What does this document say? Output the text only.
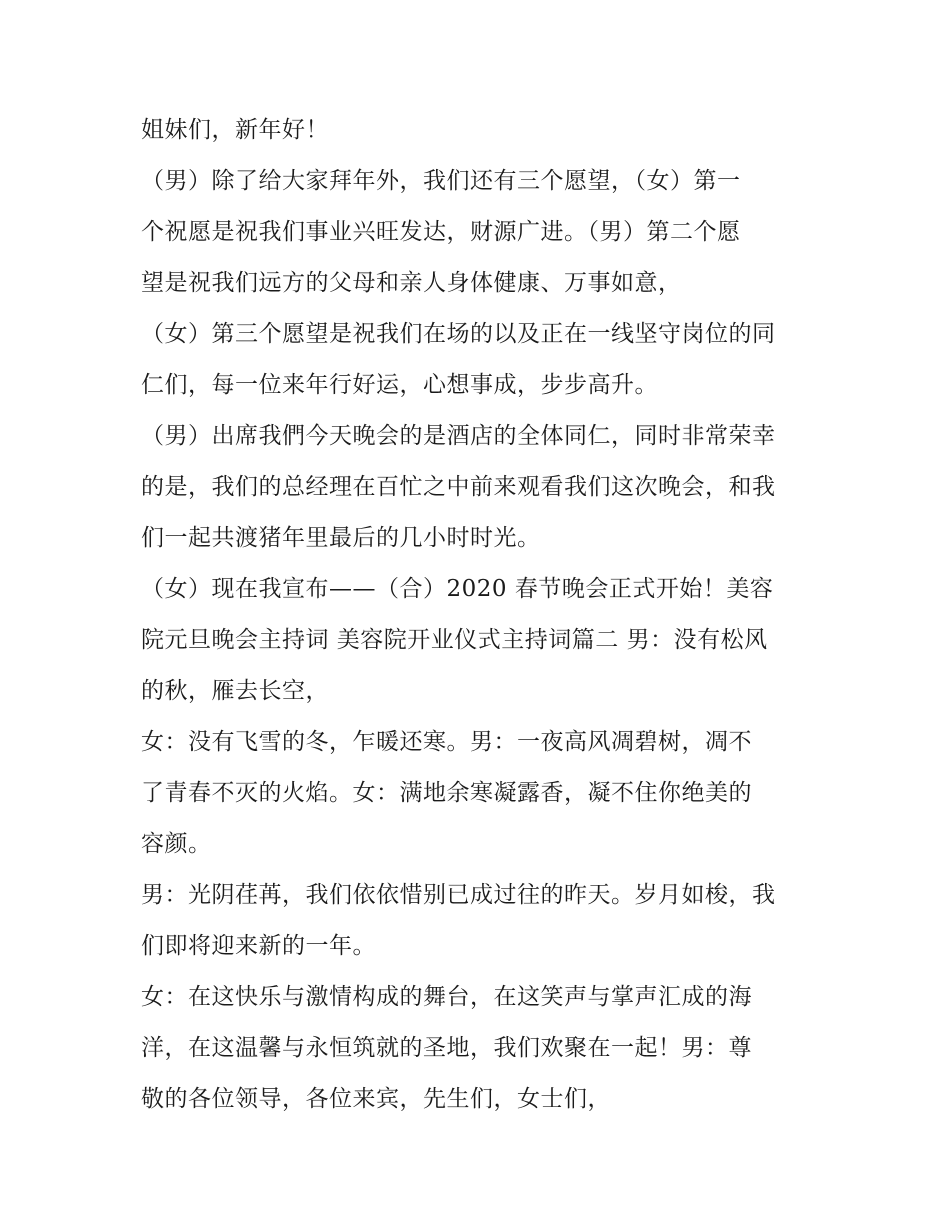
姐妹们，新年好！
（男）除了给大家拜年外，我们还有三个愿望，（女）第一
个祝愿是祝我们事业兴旺发达，财源广进。（男）第二个愿
望是祝我们远方的父母和亲人身体健康、万事如意，
（女）第三个愿望是祝我们在场的以及正在一线坚守岗位的同
仁们，每一位来年行好运，心想事成，步步高升。
（男）出席我們今天晚会的是酒店的全体同仁，同时非常荣幸
的是，我们的总经理在百忙之中前来观看我们这次晚会，和我
们一起共渡猪年里最后的几小时时光。
（女）现在我宣布——（合）2020 春节晚会正式开始！美容
院元旦晚会主持词 美容院开业仪式主持词篇二 男：没有松风
的秋，雁去长空，
女：没有飞雪的冬，乍暖还寒。男：一夜高风凋碧树，凋不
了青春不灭的火焰。女：满地余寒凝露香，凝不住你绝美的
容颜。
男：光阴荏苒，我们依依惜别已成过往的昨天。岁月如梭，我
们即将迎来新的一年。
女：在这快乐与激情构成的舞台，在这笑声与掌声汇成的海
洋，在这温馨与永恒筑就的圣地，我们欢聚在一起！男：尊
敬的各位领导，各位来宾，先生们，女士们，
